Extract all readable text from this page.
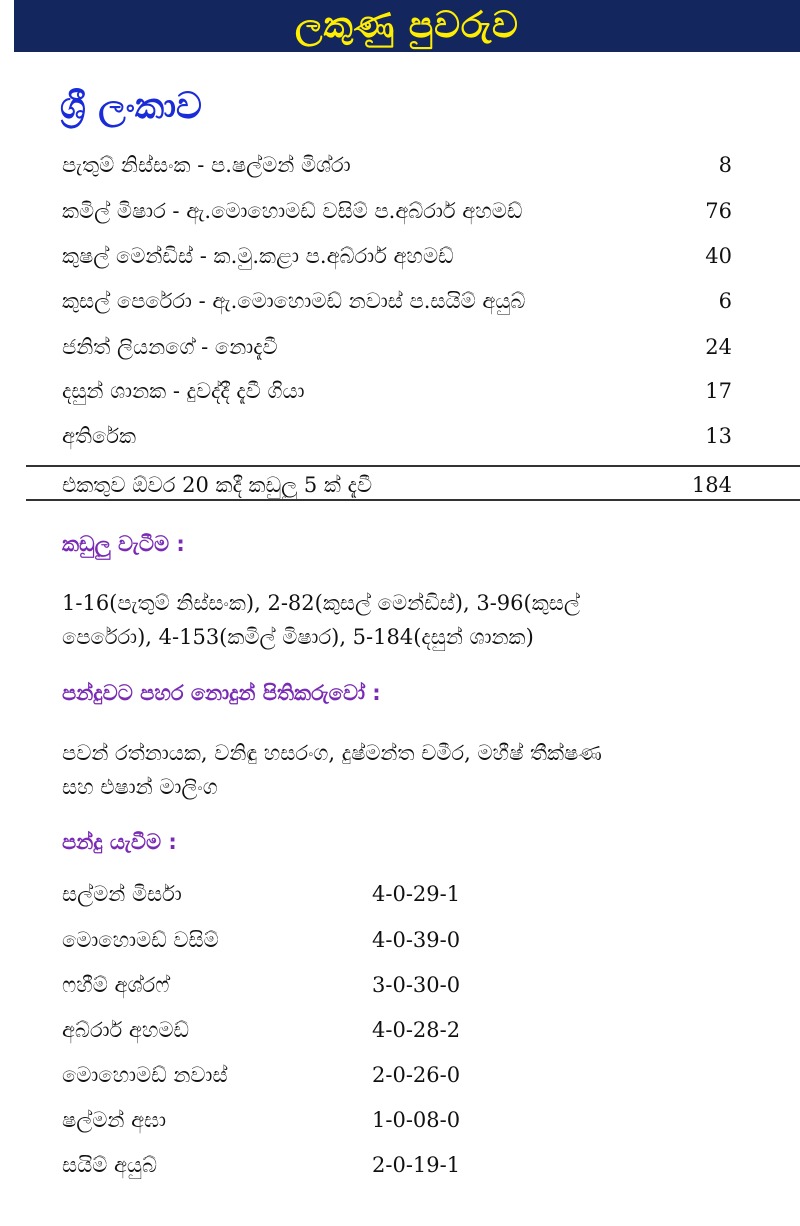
ලකුණු පුවරුව
ශ්‍රී ලංකාව
පැතුම් නිස්සංක - ප.ෂල්මන් මිශ්රා	8
කමිල් මිෂාර - ඇ.මොහොමඩ් වසිම් ප.අබ්රාර් අහමඩ්	76
කුෂල් මෙන්ඩිස් - ක.මු.කළා ප.අබ්රාර් අහමඩ්	40
කුසල් පෙරේරා - ඇ.මොහොමඩ් නවාස් ප.සයිම් අයුබ්	6
ජනිත් ලියනගේ - නොදැවී	24
දසුන් ශානක - දුවද්දී දැවී ගියා	17
අතිරේක	13
එකතුව ඕවර 20 කදී කඩුලු 5 ක් දැවී	184
කඩුලු වැටීම :
1-16(පැතුම් නිස්සංක), 2-82(කුසල් මෙන්ඩිස්), 3-96(කුසල්
පෙරේරා), 4-153(කමිල් මිෂාර), 5-184(දසුන් ශානක)
පන්දුවට පහර නොදුන් පිතිකරුවෝ :
පවන් රත්නායක, වනිඳු හසරංග, දුෂ්මන්ත චමීර, මහීෂ් තීක්ෂණ
සහ එෂාන් මාලිංග
පන්දු යැවීම :
සල්මන් මිර්සා	4-0-29-1
මොහොමඩ් වසිම්	4-0-39-0
ෆහීම් අශ්රෆ්	3-0-30-0
අබ්රාර් අහමඩ්	4-0-28-2
මොහොමඩ් නවාස්	2-0-26-0
ෂල්මන් අඝා	1-0-08-0
සයිම් අයුබ්	2-0-19-1
